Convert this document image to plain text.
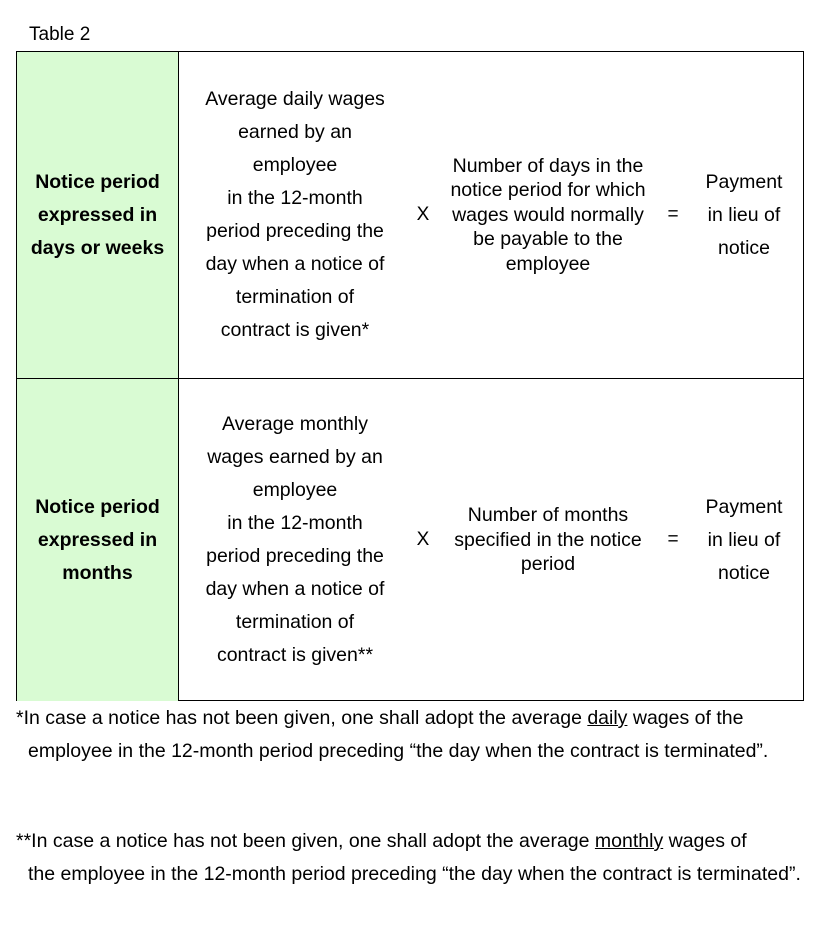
Table 2
Notice period
expressed in
days or weeks
Average daily wages
earned by an
employee
in the 12-month
period preceding the
day when a notice of
termination of
contract is given*
X
Number of days in the
notice period for which
wages would normally
be payable to the
employee
=
Payment
in lieu of
notice
Notice period
expressed in
months
Average monthly
wages earned by an
employee
in the 12-month
period preceding the
day when a notice of
termination of
contract is given**
X
Number of months
specified in the notice
period
=
Payment
in lieu of
notice

*In case a notice has not been given, one shall adopt the average daily wages of the

employee in the 12-month period preceding “the day when the contract is terminated”.

**In case a notice has not been given, one shall adopt the average monthly wages of

the employee in the 12-month period preceding “the day when the contract is terminated”.
